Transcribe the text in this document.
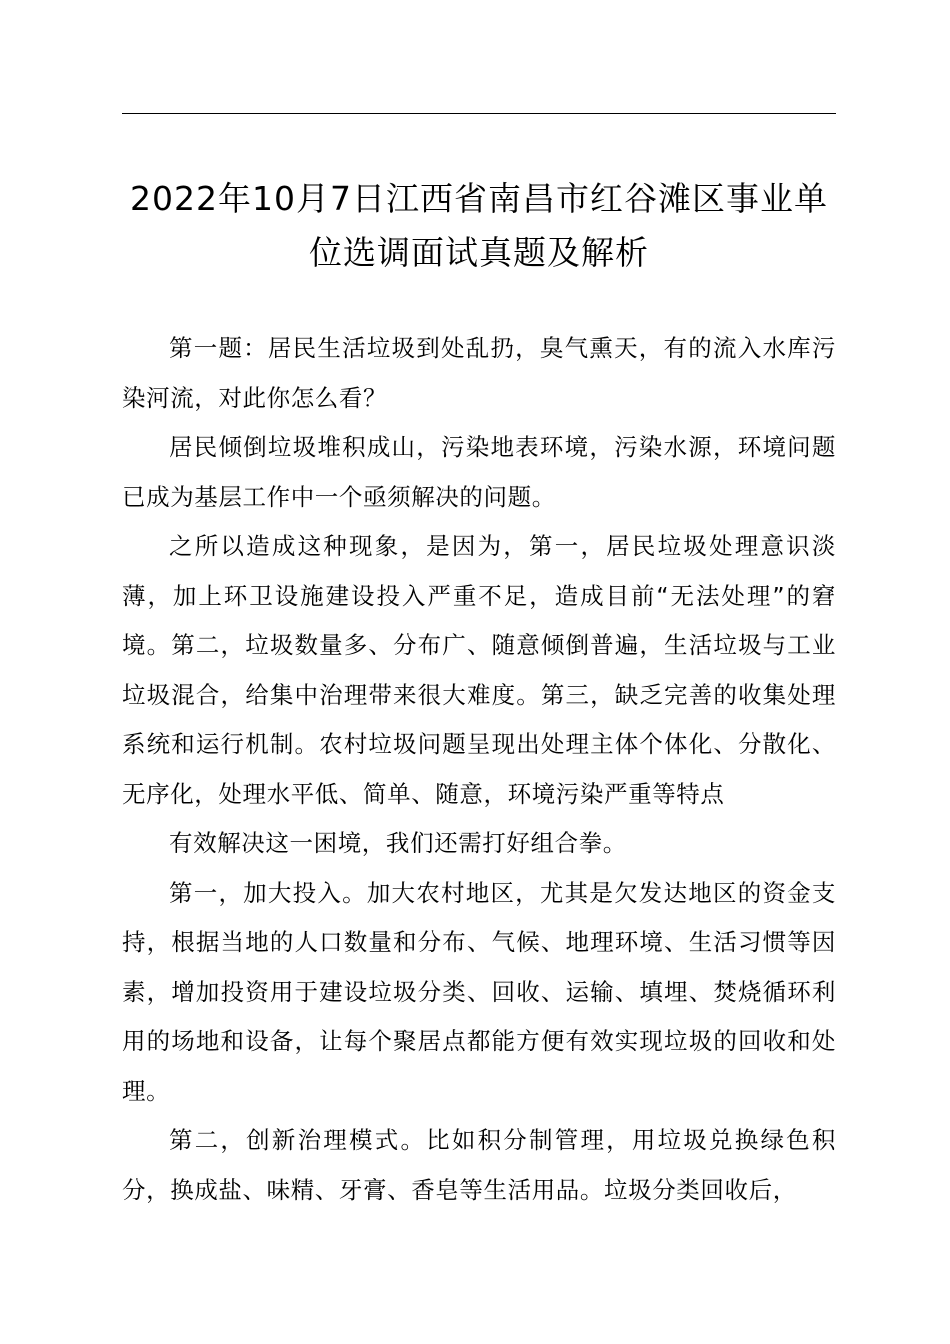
2022年10月7日江西省南昌市红谷滩区事业单位选调面试真题及解析

第一题：居民生活垃圾到处乱扔，臭气熏天，有的流入水库污染河流，对此你怎么看？

居民倾倒垃圾堆积成山，污染地表环境，污染水源，环境问题已成为基层工作中一个亟须解决的问题。

之所以造成这种现象，是因为，第一，居民垃圾处理意识淡薄，加上环卫设施建设投入严重不足，造成目前“无法处理”的窘境。第二，垃圾数量多、分布广、随意倾倒普遍，生活垃圾与工业垃圾混合，给集中治理带来很大难度。第三，缺乏完善的收集处理系统和运行机制。农村垃圾问题呈现出处理主体个体化、分散化、无序化，处理水平低、简单、随意，环境污染严重等特点

有效解决这一困境，我们还需打好组合拳。

第一，加大投入。加大农村地区，尤其是欠发达地区的资金支持，根据当地的人口数量和分布、气候、地理环境、生活习惯等因素，增加投资用于建设垃圾分类、回收、运输、填埋、焚烧循环利用的场地和设备，让每个聚居点都能方便有效实现垃圾的回收和处理。

第二，创新治理模式。比如积分制管理，用垃圾兑换绿色积分，换成盐、味精、牙膏、香皂等生活用品。垃圾分类回收后，
